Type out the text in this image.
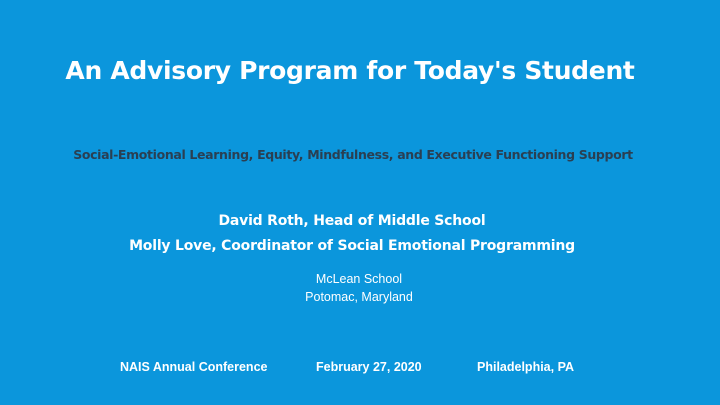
An Advisory Program for Today's Student
Social-Emotional Learning, Equity, Mindfulness, and Executive Functioning Support
David Roth, Head of Middle School
Molly Love, Coordinator of Social Emotional Programming
McLean School
Potomac, Maryland
NAIS Annual Conference	February 27, 2020	Philadelphia, PA
